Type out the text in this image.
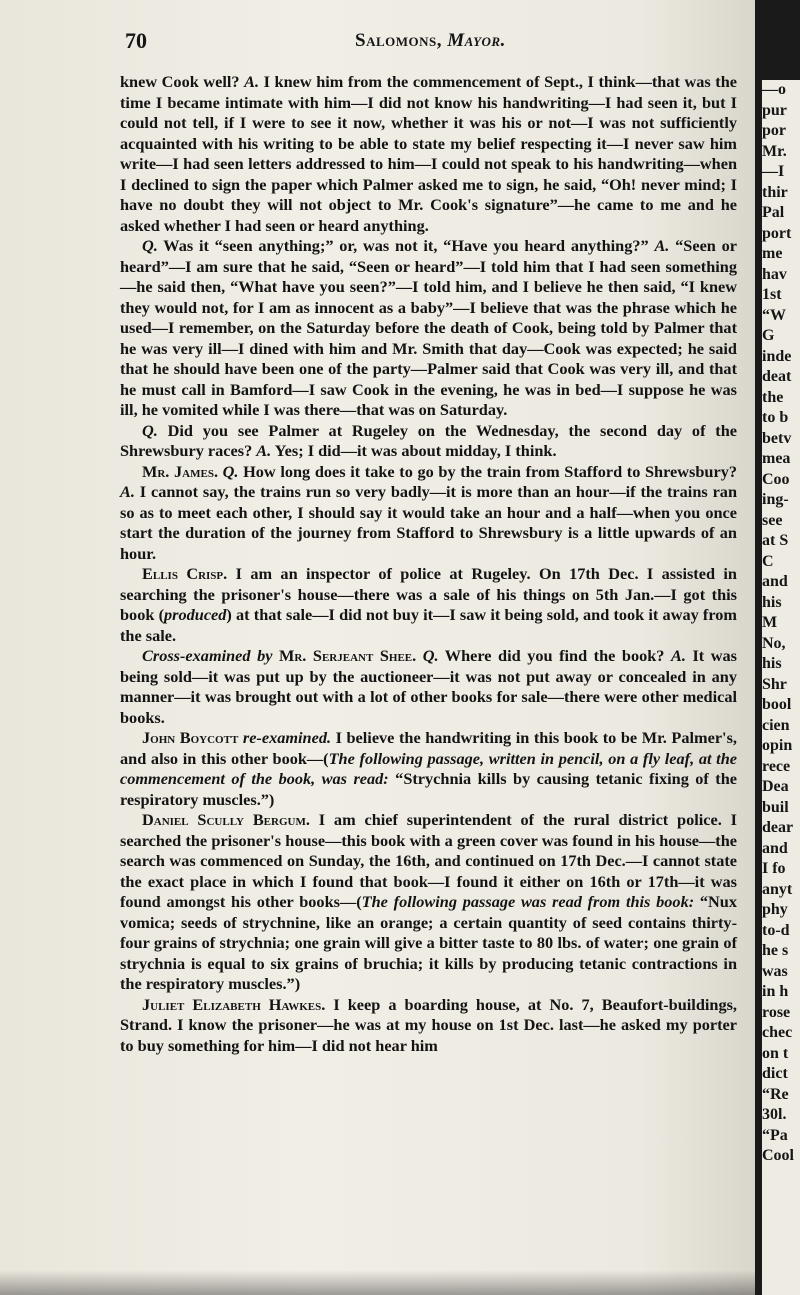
70	Salomons, Mayor.

knew Cook well? A. I knew him from the commencement of Sept., I think—that was the time I became intimate with him—I did not know his handwriting—I had seen it, but I could not tell, if I were to see it now, whether it was his or not—I was not sufficiently acquainted with his writing to be able to state my belief respecting it—I never saw him write—I had seen letters addressed to him—I could not speak to his handwriting—when I declined to sign the paper which Palmer asked me to sign, he said, “Oh! never mind; I have no doubt they will not object to Mr. Cook's signature”—he came to me and he asked whether I had seen or heard anything.

Q. Was it “seen anything;” or, was not it, “Have you heard anything?” A. “Seen or heard”—I am sure that he said, “Seen or heard”—I told him that I had seen something—he said then, “What have you seen?”—I told him, and I believe he then said, “I knew they would not, for I am as innocent as a baby”—I believe that was the phrase which he used—I remember, on the Saturday before the death of Cook, being told by Palmer that he was very ill—I dined with him and Mr. Smith that day—Cook was expected; he said that he should have been one of the party—Palmer said that Cook was very ill, and that he must call in Bamford—I saw Cook in the evening, he was in bed—I suppose he was ill, he vomited while I was there—that was on Saturday.

Q. Did you see Palmer at Rugeley on the Wednesday, the second day of the Shrewsbury races? A. Yes; I did—it was about midday, I think.

Mr. James. Q. How long does it take to go by the train from Stafford to Shrewsbury? A. I cannot say, the trains run so very badly—it is more than an hour—if the trains ran so as to meet each other, I should say it would take an hour and a half—when you once start the duration of the journey from Stafford to Shrewsbury is a little upwards of an hour.

Ellis Crisp. I am an inspector of police at Rugeley. On 17th Dec. I assisted in searching the prisoner's house—there was a sale of his things on 5th Jan.—I got this book (produced) at that sale—I did not buy it—I saw it being sold, and took it away from the sale.

Cross-examined by Mr. Serjeant Shee. Q. Where did you find the book? A. It was being sold—it was put up by the auctioneer—it was not put away or concealed in any manner—it was brought out with a lot of other books for sale—there were other medical books.

John Boycott re-examined. I believe the handwriting in this book to be Mr. Palmer's, and also in this other book—(The following passage, written in pencil, on a fly leaf, at the commencement of the book, was read: “Strychnia kills by causing tetanic fixing of the respiratory muscles.”)

Daniel Scully Bergum. I am chief superintendent of the rural district police. I searched the prisoner's house—this book with a green cover was found in his house—the search was commenced on Sunday, the 16th, and continued on 17th Dec.—I cannot state the exact place in which I found that book—I found it either on 16th or 17th—it was found amongst his other books—(The following passage was read from this book: “Nux vomica; seeds of strychnine, like an orange; a certain quantity of seed contains thirty-four grains of strychnia; one grain will give a bitter taste to 80 lbs. of water; one grain of strychnia is equal to six grains of bruchia; it kills by producing tetanic contractions in the respiratory muscles.”)

Juliet Elizabeth Hawkes. I keep a boarding house, at No. 7, Beaufort-buildings, Strand. I know the prisoner—he was at my house on 1st Dec. last—he asked my porter to buy something for him—I did not hear him

—o
pur
por
Mr.
—I
thir
Pal
port
me
hav
1st
“W
G
inde
deat
the
to b
betv
mea
Coo
ing-
see
at S
C
and
his
M
No,
his
Shr
bool
cien
opin
rece
Dea
buil
dear
and
I fo
anyt
phy
to-d
he s
was
in h
rose
chec
on t
dict
“Re
30l.
“Pa
Cool
